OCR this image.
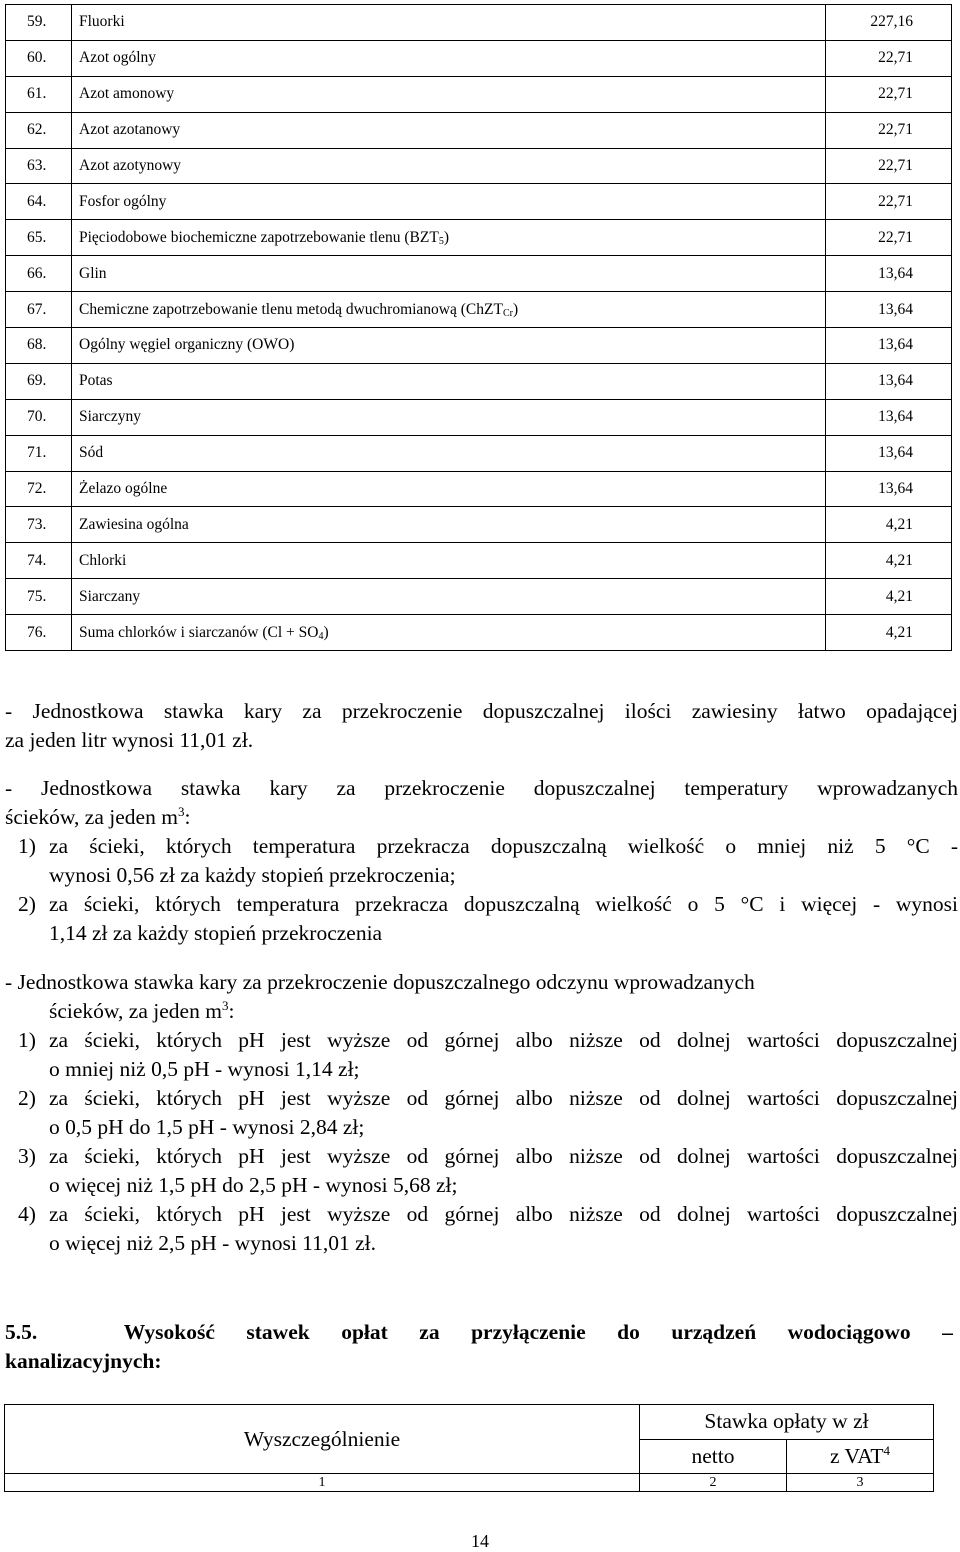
59.	Fluorki	227,16
60.	Azot ogólny	22,71
61.	Azot amonowy	22,71
62.	Azot azotanowy	22,71
63.	Azot azotynowy	22,71
64.	Fosfor ogólny	22,71
65.	Pięciodobowe biochemiczne zapotrzebowanie tlenu $(BZT_5)$	22,71
66.	Glin	13,64
67.	Chemiczne zapotrzebowanie tlenu metodą dwuchromianową (ChZT$_{Cr}$)	13,64
68.	Ogólny węgiel organiczny (OWO)	13,64
69.	Potas	13,64
70.	Siarczyny	13,64
71.	Sód	13,64
72.	Żelazo ogólne	13,64
73.	Zawiesina ogólna	4,21
74.	Chlorki	4,21
75.	Siarczany	4,21
76.	Suma chlorków i siarczanów $(Cl + SO_4)$	4,21
- Jednostkowa stawka kary za przekroczenie dopuszczalnej ilości zawiesiny łatwo opadającej
za jeden litr wynosi 11,01 zł.
- Jednostkowa stawka kary za przekroczenie dopuszczalnej temperatury wprowadzanych
ścieków, za jeden $m^3$:
1) za ścieki, których temperatura przekracza dopuszczalną wielkość o mniej niż 5 °C -
wynosi 0,56 zł za każdy stopień przekroczenia;
2) za ścieki, których temperatura przekracza dopuszczalną wielkość o 5 °C i więcej - wynosi
1,14 zł za każdy stopień przekroczenia
- Jednostkowa stawka kary za przekroczenie dopuszczalnego odczynu wprowadzanych
ścieków, za jeden $m^3$:
1) za ścieki, których pH jest wyższe od górnej albo niższe od dolnej wartości dopuszczalnej
o mniej niż 0,5 pH - wynosi 1,14 zł;
2) za ścieki, których pH jest wyższe od górnej albo niższe od dolnej wartości dopuszczalnej
o 0,5 pH do 1,5 pH - wynosi 2,84 zł;
3) za ścieki, których pH jest wyższe od górnej albo niższe od dolnej wartości dopuszczalnej
o więcej niż 1,5 pH do 2,5 pH - wynosi 5,68 zł;
4) za ścieki, których pH jest wyższe od górnej albo niższe od dolnej wartości dopuszczalnej
o więcej niż 2,5 pH - wynosi 11,01 zł.
5.5.	Wysokość stawek opłat za przyłączenie do urządzeń wodociągowo –
kanalizacyjnych:
Wyszczególnienie	Stawka opłaty w zł	
	netto	z VAT$^4$
1	2	3
14
